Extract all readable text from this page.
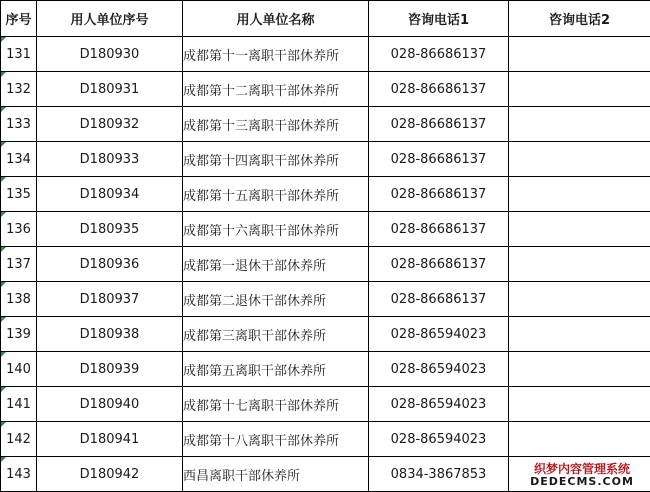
序号	用人单位序号	用人单位名称	咨询电话1	咨询电话2

131	D180930	成都第十一离职干部休养所	028-86686137	

132	D180931	成都第十二离职干部休养所	028-86686137	

133	D180932	成都第十三离职干部休养所	028-86686137	

134	D180933	成都第十四离职干部休养所	028-86686137	

135	D180934	成都第十五离职干部休养所	028-86686137	

136	D180935	成都第十六离职干部休养所	028-86686137	

137	D180936	成都第一退休干部休养所	028-86686137	

138	D180937	成都第二退休干部休养所	028-86686137	

139	D180938	成都第三离职干部休养所	028-86594023	

140	D180939	成都第五离职干部休养所	028-86594023	

141	D180940	成都第十七离职干部休养所	028-86594023	

142	D180941	成都第十八离职干部休养所	028-86594023	

143	D180942	西昌离职干部休养所	0834-3867853		织梦内容管理系统
DEDECMS.COM
